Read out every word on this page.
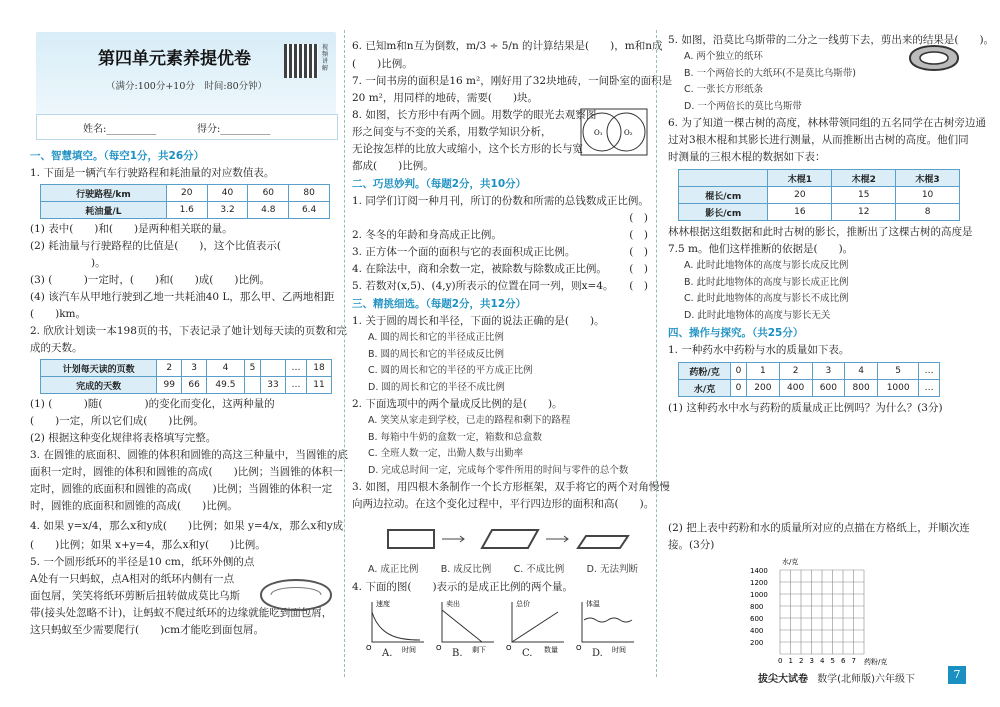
第四单元素养提优卷
视频讲解
（满分:100分+10分　时间:80分钟）
姓名:__________	得分:__________
一、智慧填空。（每空1分，共26分）

1. 下面是一辆汽车行驶路程和耗油量的对应数值表。

行驶路程/km	20	40	60	80
耗油量/L	1.6	3.2	4.8	6.4

(1) 表中(　　)和(　　)是两种相关联的量。

(2) 耗油量与行驶路程的比值是(　　)，这个比值表示(

　　)。

(3) (　　　)一定时，(　　)和(　　)成(　　)比例。

(4) 该汽车从甲地行驶到乙地一共耗油40 L，那么甲、乙两地相距

(　　)km。

2. 欣欣计划读一本198页的书，下表记录了她计划每天读的页数和完

成的天数。

计划每天读的页数	2	3	4	5		…	18
完成的天数	99	66	49.5		33	…	11

(1) (　　　)随(　　　　)的变化而变化，这两种量的

(　　)一定，所以它们成(　　)比例。

(2) 根据这种变化规律将表格填写完整。

3. 在圆锥的底面积、圆锥的体积和圆锥的高这三种量中，当圆锥的底

面积一定时，圆锥的体积和圆锥的高成(　　)比例；当圆锥的体积一

定时，圆锥的底面积和圆锥的高成(　　)比例；当圆锥的体积一定

时，圆锥的底面积和圆锥的高成(　　)比例。

4. 如果 y=x/4，那么x和y成(　　)比例；如果 y=4/x，那么x和y成

(　　)比例；如果 x+y=4，那么x和y(　　)比例。

5. 一个圆形纸环的半径是10 cm，纸环外侧的点

A处有一只蚂蚁，点A相对的纸环内侧有一点

面包屑，笑笑将纸环剪断后扭转做成莫比乌斯

带(接头处忽略不计)，让蚂蚁不爬过纸环的边缘就能吃到面包屑，

这只蚂蚁至少需要爬行(　　)cm才能吃到面包屑。

6. 已知m和n互为倒数，m/3 ÷ 5/n 的计算结果是(　　)，m和n成

(　　)比例。

7. 一间书房的面积是16 m²，刚好用了32块地砖，一间卧室的面积是

20 m²，用同样的地砖，需要(　　)块。

8. 如图，长方形中有两个圆。用数学的眼光去观察图

形之间变与不变的关系，用数学知识分析，

无论按怎样的比放大或缩小，这个长方形的长与宽

都成(　　)比例。

二、巧思妙判。（每题2分，共10分）

1. 同学们订阅一种月刊，所订的份数和所需的总钱数成正比例。

(　)

2. 冬冬的年龄和身高成正比例。	(　)

3. 正方体一个面的面积与它的表面积成正比例。	(　)

4. 在除法中，商和余数一定，被除数与除数成正比例。 (　)

5. 若数对(x,5)、(4,y)所表示的位置在同一列，则x=4。 (　)

三、精挑细选。（每题2分，共12分）

1. 关于圆的周长和半径，下面的说法正确的是(　　)。

A. 圆的周长和它的半径成正比例
B. 圆的周长和它的半径成反比例
C. 圆的周长和它的半径的平方成正比例
D. 圆的周长和它的半径不成比例

2. 下面选项中的两个量成反比例的是(　　)。

A. 笑笑从家走到学校，已走的路程和剩下的路程
B. 每箱中牛奶的盒数一定，箱数和总盒数
C. 全班人数一定，出勤人数与出勤率
D. 完成总时间一定，完成每个零件所用的时间与零件的总个数

3. 如图，用四根木条制作一个长方形框架，双手将它的两个对角慢慢

向两边拉动。在这个变化过程中，平行四边形的面积和高(　　)。

O₁	O₂
A. 成正比例 B. 成反比例 C. 不成比例 D. 无法判断

4. 下面的图(　　)表示的是成正比例的两个量。

速度
时间
O
卖出
剩下
O
总价
数量
O
体温
时间
O
A.	B.	C.	D.

5. 如图，沿莫比乌斯带的二分之一线剪下去，剪出来的结果是(　　)。

A. 两个独立的纸环
B. 一个两倍长的大纸环(不是莫比乌斯带)
C. 一张长方形纸条
D. 一个两倍长的莫比乌斯带

6. 为了知道一棵古树的高度，林林带领同组的五名同学在古树旁边通

过对3根木棍和其影长进行测量，从而推断出古树的高度。他们同

时测量的三根木棍的数据如下表：

	木棍1	木棍2	木棍3
棍长/cm	20	15	10
影长/cm	16	12	8

林林根据这组数据和此时古树的影长，推断出了这棵古树的高度是

7.5 m。他们这样推断的依据是(　　)。

A. 此时此地物体的高度与影长成反比例
B. 此时此地物体的高度与影长成正比例
C. 此时此地物体的高度与影长不成比例
D. 此时此地物体的高度与影长无关
四、操作与探究。（共25分）

1. 一种药水中药粉与水的质量如下表。

药粉/克	0	1	2	3	4	5	…
水/克	0	200	400	600	800	1000	…

(1) 这种药水中水与药粉的质量成正比例吗？为什么？(3分)

(2) 把上表中药粉和水的质量所对应的点描在方格纸上，并顺次连

接。(3分)

水/克
药粉/克
1400
1200
1000
800
600
400
200
0 1 2 3 4 5 6 7
拔尖大试卷 数学(北师版)六年级下	7
